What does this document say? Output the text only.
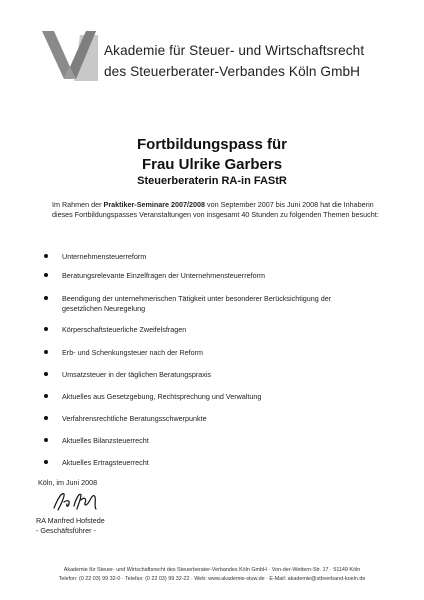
Akademie für Steuer- und Wirtschaftsrecht
des Steuerberater-Verbandes Köln GmbH
Fortbildungspass für
Frau Ulrike Garbers
Steuerberaterin RA-in FAStR
Im Rahmen der Praktiker-Seminare 2007/2008 von September 2007 bis Juni 2008 hat die Inhaberin dieses Fortbildungspasses Veranstaltungen von insgesamt 40 Stunden zu folgenden Themen besucht:
Unternehmensteuerreform
Beratungsrelevante Einzelfragen der Unternehmensteuerreform
Beendigung der unternehmerischen Tätigkeit unter besonderer Berücksichtigung der gesetzlichen Neuregelung
Körperschaftsteuerliche Zweifelsfragen
Erb- und Schenkungsteuer nach der Reform
Umsatzsteuer in der täglichen Beratungspraxis
Aktuelles aus Gesetzgebung, Rechtsprechung und Verwaltung
Verfahrensrechtliche Beratungsschwerpunkte
Aktuelles Bilanzsteuerrecht
Aktuelles Ertragsteuerrecht
Köln, im Juni 2008
RA Manfred Hofstede
- Geschäftsführer -
Akademie für Steuer- und Wirtschaftsrecht des Steuerberater-Verbandes Köln GmbH · Von-der-Wettern-Str. 17 · 51149 Köln
Telefon: (0 22 03) 99 32-0 · Telefax: (0 22 03) 99 32-22 · Web: www.akademie-stuw.de · E-Mail: akademie@stbverband-koeln.de
